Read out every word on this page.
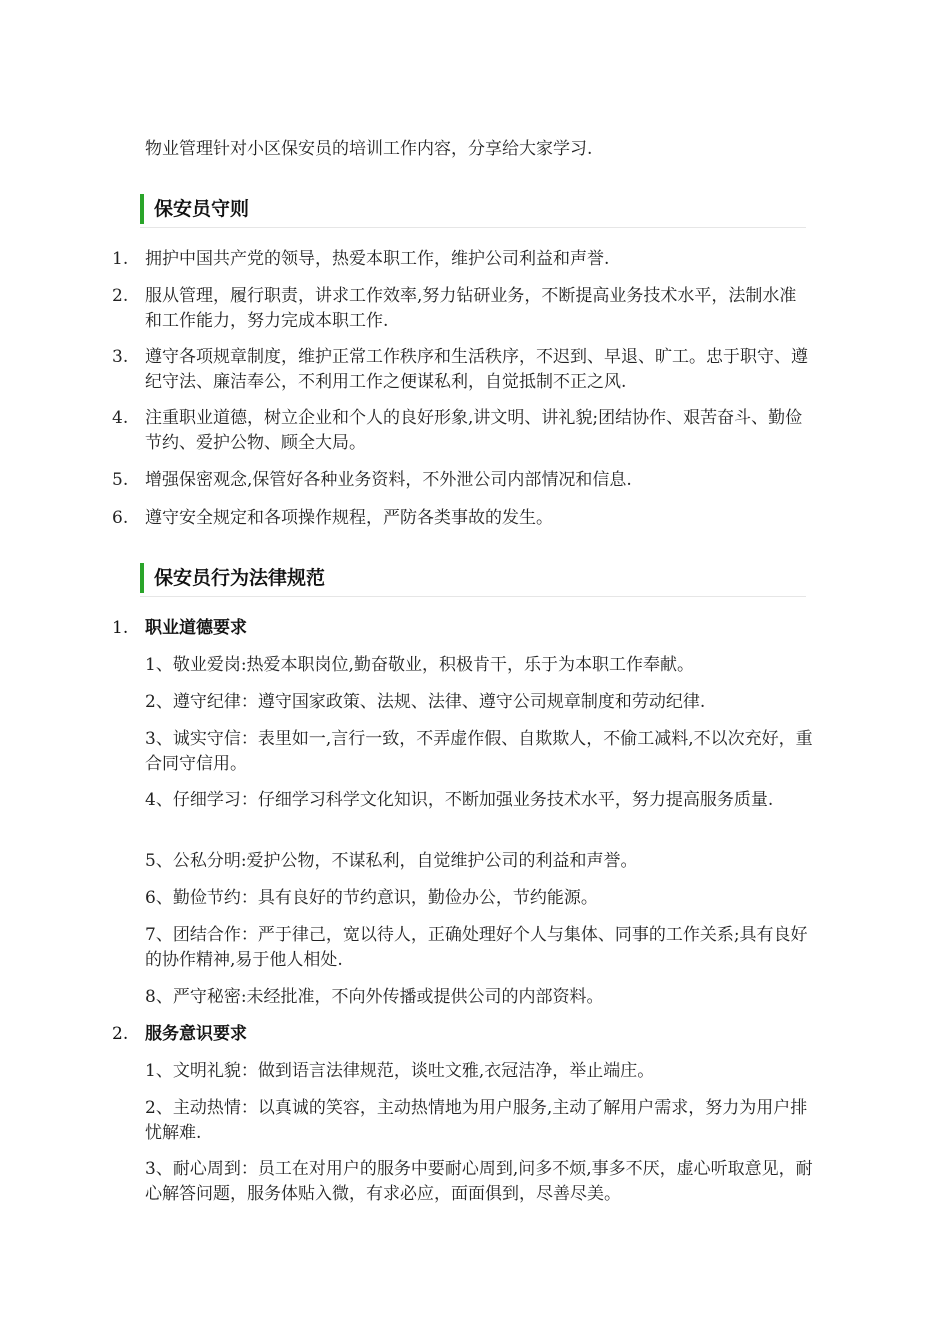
物业管理针对小区保安员的培训工作内容，分享给大家学习.

保安员守则
1. 拥护中国共产党的领导，热爱本职工作，维护公司利益和声誉.
2. 服从管理，履行职责，讲求工作效率,努力钻研业务，不断提高业务技术水平，法制水准和工作能力，努力完成本职工作.
3. 遵守各项规章制度，维护正常工作秩序和生活秩序，不迟到、早退、旷工。忠于职守、遵纪守法、廉洁奉公，不利用工作之便谋私利，自觉抵制不正之风.
4. 注重职业道德，树立企业和个人的良好形象,讲文明、讲礼貌;团结协作、艰苦奋斗、勤俭节约、爱护公物、顾全大局。
5. 增强保密观念,保管好各种业务资料，不外泄公司内部情况和信息.
6. 遵守安全规定和各项操作规程，严防各类事故的发生。
保安员行为法律规范
1. 职业道德要求

1、敬业爱岗:热爱本职岗位,勤奋敬业，积极肯干，乐于为本职工作奉献。

2、遵守纪律：遵守国家政策、法规、法律、遵守公司规章制度和劳动纪律.

3、诚实守信：表里如一,言行一致，不弄虚作假、自欺欺人，不偷工减料,不以次充好，重合同守信用。

4、仔细学习：仔细学习科学文化知识，不断加强业务技术水平，努力提高服务质量.

5、公私分明:爱护公物，不谋私利，自觉维护公司的利益和声誉。

6、勤俭节约：具有良好的节约意识，勤俭办公，节约能源。

7、团结合作：严于律己，宽以待人，正确处理好个人与集体、同事的工作关系;具有良好的协作精神,易于他人相处.

8、严守秘密:未经批准，不向外传播或提供公司的内部资料。

2. 服务意识要求

1、文明礼貌：做到语言法律规范，谈吐文雅,衣冠洁净，举止端庄。

2、主动热情：以真诚的笑容，主动热情地为用户服务,主动了解用户需求，努力为用户排忧解难.

3、耐心周到：员工在对用户的服务中要耐心周到,问多不烦,事多不厌，虚心听取意见，耐心解答问题，服务体贴入微，有求必应，面面俱到，尽善尽美。
